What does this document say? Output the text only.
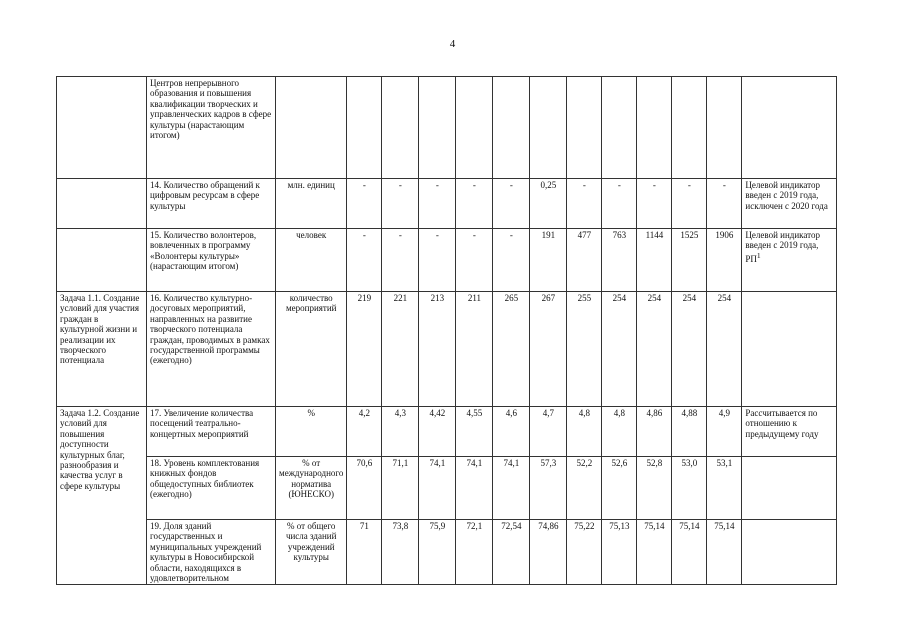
4
	Центров непрерывного образования и повышения квалификации творческих и управленческих кадров в сфере культуры (нарастающим итогом)													
	14. Количество обращений к цифровым ресурсам в сфере культуры	млн. единиц	-	-	-	-	-	0,25	-	-	-	-	-	Целевой индикатор введен с 2019 года, исключен с 2020 года
	15. Количество волонтеров, вовлеченных в программу «Волонтеры культуры» (нарастающим итогом)	человек	-	-	-	-	-	191	477	763	1144	1525	1906	Целевой индикатор введен с 2019 года, $РП^1$
Задача 1.1. Создание условий для участия граждан в культурной жизни и реализации их творческого потенциала	16. Количество культурно-досуговых мероприятий, направленных на развитие творческого потенциала граждан, проводимых в рамках государственной программы (ежегодно)	количество мероприятий	219	221	213	211	265	267	255	254	254	254	254	
Задача 1.2. Создание условий для повышения доступности культурных благ, разнообразия и качества услуг в сфере культуры	17. Увеличение количества посещений театрально-концертных мероприятий	%	4,2	4,3	4,42	4,55	4,6	4,7	4,8	4,8	4,86	4,88	4,9	Рассчитывается по отношению к предыдущему году
	18. Уровень комплектования книжных фондов общедоступных библиотек (ежегодно)	% от международного норматива (ЮНЕСКО)	70,6	71,1	74,1	74,1	74,1	57,3	52,2	52,6	52,8	53,0	53,1	
	19. Доля зданий государственных и муниципальных учреждений культуры в Новосибирской области, находящихся в удовлетворительном	% от общего числа зданий учреждений культуры	71	73,8	75,9	72,1	72,54	74,86	75,22	75,13	75,14	75,14	75,14	
